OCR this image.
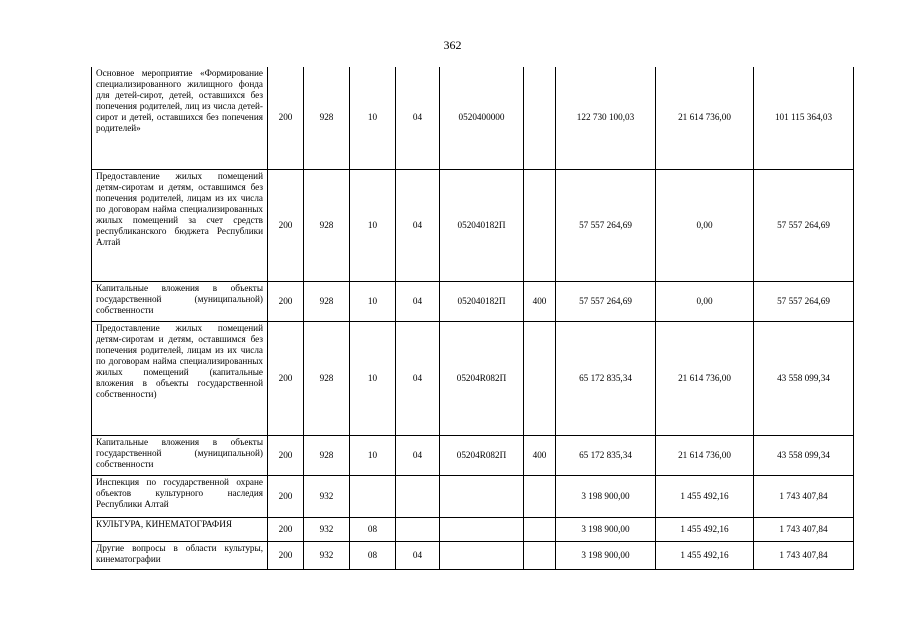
362
Основное мероприятие «Формирование специализированного жилищного фонда для детей-сирот, детей, оставшихся без попечения родителей, лиц из числа детей-сирот и детей, оставшихся без попечения родителей»	200	928	10	04	0520400000		122 730 100,03	21 614 736,00	101 115 364,03
Предоставление жилых помещений детям-сиротам и детям, оставшимся без попечения родителей, лицам из их числа по договорам найма специализированных жилых помещений за счет средств республиканского бюджета Республики Алтай	200	928	10	04	052040182П		57 557 264,69	0,00	57 557 264,69
Капитальные вложения в объекты государственной (муниципальной) собственности	200	928	10	04	052040182П	400	57 557 264,69	0,00	57 557 264,69
Предоставление жилых помещений детям-сиротам и детям, оставшимся без попечения родителей, лицам из их числа по договорам найма специализированных жилых помещений (капитальные вложения в объекты государственной собственности)	200	928	10	04	05204R082П		65 172 835,34	21 614 736,00	43 558 099,34
Капитальные вложения в объекты государственной (муниципальной) собственности	200	928	10	04	05204R082П	400	65 172 835,34	21 614 736,00	43 558 099,34
Инспекция по государственной охране объектов культурного наследия Республики Алтай	200	932					3 198 900,00	1 455 492,16	1 743 407,84
КУЛЬТУРА, КИНЕМАТОГРАФИЯ	200	932	08				3 198 900,00	1 455 492,16	1 743 407,84
Другие вопросы в области культуры, кинематографии	200	932	08	04			3 198 900,00	1 455 492,16	1 743 407,84
